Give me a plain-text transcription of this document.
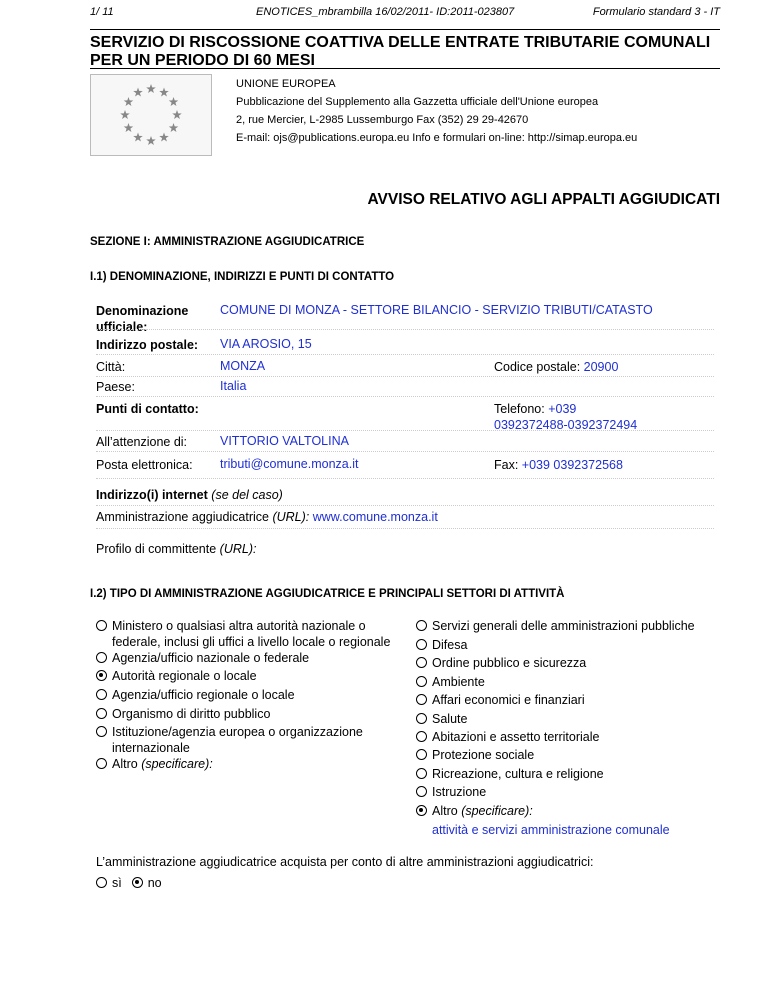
1/ 11	ENOTICES_mbrambilla 16/02/2011- ID:2011-023807	Formulario standard 3 - IT
SERVIZIO DI RISCOSSIONE COATTIVA DELLE ENTRATE TRIBUTARIE COMUNALI PER UN PERIODO DI 60 MESI
UNIONE EUROPEA
Pubblicazione del Supplemento alla Gazzetta ufficiale dell'Unione europea
2, rue Mercier, L-2985 Lussemburgo Fax (352) 29 29-42670
E-mail: ojs@publications.europa.eu Info e formulari on-line: http://simap.europa.eu
AVVISO RELATIVO AGLI APPALTI AGGIUDICATI
SEZIONE I: AMMINISTRAZIONE AGGIUDICATRICE
I.1) DENOMINAZIONE, INDIRIZZI E PUNTI DI CONTATTO
Denominazione
ufficiale:
COMUNE DI MONZA - SETTORE BILANCIO - SERVIZIO TRIBUTI/CATASTO
Indirizzo postale: VIA AROSIO, 15
Città:	MONZA	Codice postale: 20900
Paese:	Italia
Punti di contatto:	Telefono: +039
0392372488-0392372494
All’attenzione di:	VITTORIO VALTOLINA
Posta elettronica: tributi@comune.monza.it	Fax: +039 0392372568
Indirizzo(i) internet (se del caso)
Amministrazione aggiudicatrice (URL): www.comune.monza.it
Profilo di committente (URL):
I.2) TIPO DI AMMINISTRAZIONE AGGIUDICATRICE E PRINCIPALI SETTORI DI ATTIVITÀ
Ministero o qualsiasi altra autorità nazionale o
federale, inclusi gli uffici a livello locale o regionale
Agenzia/ufficio nazionale o federale
Autorità regionale o locale
Agenzia/ufficio regionale o locale
Organismo di diritto pubblico
Istituzione/agenzia europea o organizzazione
internazionale
Altro (specificare):
Servizi generali delle amministrazioni pubbliche
Difesa
Ordine pubblico e sicurezza
Ambiente
Affari economici e finanziari
Salute
Abitazioni e assetto territoriale
Protezione sociale
Ricreazione, cultura e religione
Istruzione
Altro (specificare):
attività e servizi amministrazione comunale
L’amministrazione aggiudicatrice acquista per conto di altre amministrazioni aggiudicatrici:
sì no
